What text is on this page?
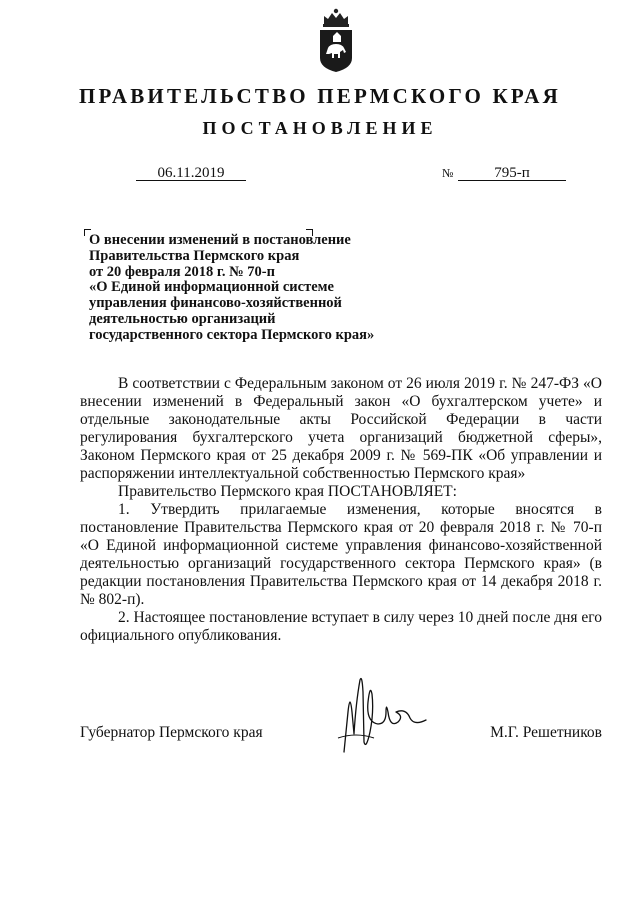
ПРАВИТЕЛЬСТВО ПЕРМСКОГО КРАЯ
ПОСТАНОВЛЕНИЕ
06.11.2019	№	795-п
О внесении изменений в постановление
Правительства Пермского края
от 20 февраля 2018 г. № 70-п
«О Единой информационной системе
управления финансово-хозяйственной
деятельностью организаций
государственного сектора Пермского края»

В соответствии с Федеральным законом от 26 июля 2019 г. № 247-ФЗ «О внесении изменений в Федеральный закон «О бухгалтерском учете» и отдельные законодательные акты Российской Федерации в части регулирования бухгалтерского учета организаций бюджетной сферы», Законом Пермского края от 25 декабря 2009 г. № 569-ПК «Об управлении и распоряжении интеллектуальной собственностью Пермского края»

Правительство Пермского края ПОСТАНОВЛЯЕТ:

1. Утвердить прилагаемые изменения, которые вносятся в постановление Правительства Пермского края от 20 февраля 2018 г. № 70-п «О Единой информационной системе управления финансово-хозяйственной деятельностью организаций государственного сектора Пермского края» (в редакции постановления Правительства Пермского края от 14 декабря 2018 г. № 802-п).

2. Настоящее постановление вступает в силу через 10 дней после дня его официального опубликования.

Губернатор Пермского края	М.Г. Решетников
